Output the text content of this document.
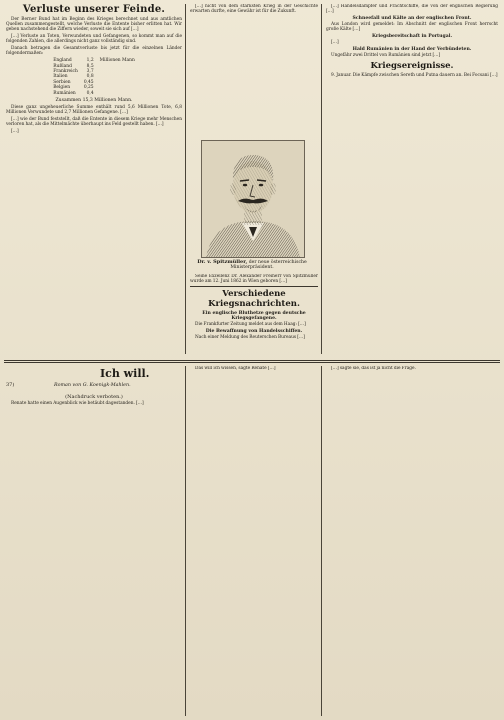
Verluste unserer Feinde.

Der Berner Bund hat im Beginn des Krieges berechnet und aus amtlichen Quellen zusammengestellt, welche Verluste die Entente bisher erlitten hat. Wir geben nachstehend die Ziffern wieder, soweit sie sich auf […]

[…] Verluste an Toten, Verwundeten und Gefangenen, so kommt man auf die folgenden Zahlen, die allerdings nicht ganz vollständig sind.

Danach betragen die Gesamtverluste bis jetzt für die einzelnen Länder folgendermaßen:

England	1,2	Millionen Mann
Rußland	8,5	
Frankreich	3,7	
Italien	0,8	
Serbien	0,45	
Belgien	0,25	
Rumänien	0,4	
Zusammen 15,3 Millionen Mann.

Diese ganz ungeheuerliche Summe enthält rund 5,6 Millionen Tote, 6,8 Millionen Verwundete und 2,7 Millionen Gefangene. […]

[…] wie der Bund feststellt, daß die Entente in diesem Kriege mehr Menschen verloren hat, als die Mittelmächte überhaupt ins Feld gestellt haben. […]

[…]

[…] nicht von dem stärksten Krieg in der Geschichte erwarten durfte, eine Gewähr ist für die Zukunft.

Dr. v. Spitzmüller, der neue österreichische Ministerpräsident.

Seine Exzellenz Dr. Alexander Freiherr von Spitzmüller wurde am 12. Juni 1862 in Wien geboren […]

Verschiedene Kriegsnachrichten.
Ein englische Bluthetze gegen deutsche Kriegsgefangene.

Die Frankfurter Zeitung meldet aus dem Haag: […]

Die Bewaffnung von Handelsschiffen.

Nach einer Meldung des Reuterschen Bureaus […]

[…] Handelsdampfer und Frachtschiffe, die von der englischen Regierung […]

Schneefall und Kälte an der englischen Front.

Aus London wird gemeldet: Im Abschnitt der englischen Front herrscht große Kälte […]

Kriegsbereitschaft in Portugal.

[…]

Hald Rumänien in der Hand der Verbündeten.

Ungefähr zwei Drittel von Rumänien sind jetzt […]

Kriegsereignisse.

9. Januar. Die Kämpfe zwischen Sereth und Putna dauern an. Bei Focsani […]

Ich will.
37)	Roman von G. Koenigk-Mahlen.

(Nachdruck verboten.)

Renate hatte einen Augenblick wie betäubt dagestanden. […]

Das will ich wissen, sagte Renate […]	[…] sagte sie, das ist ja nicht die Frage.
